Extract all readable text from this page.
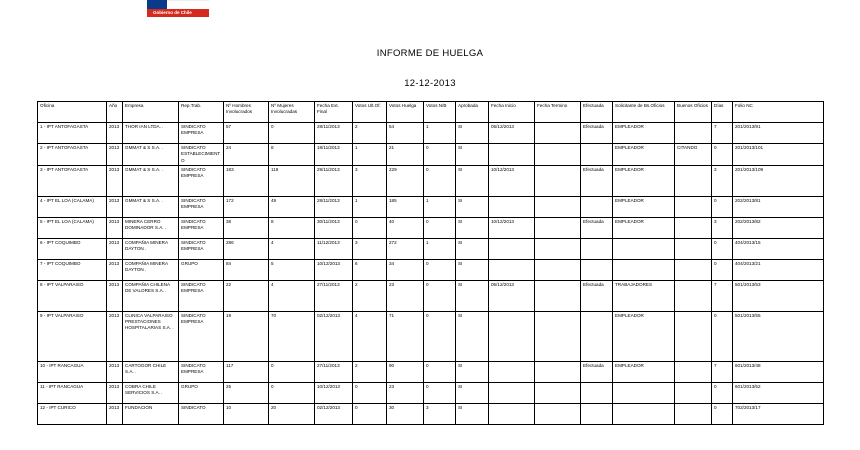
Gobierno de Chile
INFORME DE HUELGA
12-12-2013
Oficina	Año	Empresa	Rep.Trab.	Nº Hombres Involucrados	Nº Mujeres Involucradas	Fecha Ext. Final	Votos Ult.Of.	Votos Huelga	Votos N/B	Aprobada	Fecha Inicio	Fecha Termino	Efectuada	Solicitante de Bs.Oficios	Buenos Oficios	Días	Folio NC
1 - IPT ANTOFAGASTA	2013	THOR IAN LTDA. .	SINDICATO EMPRESA	57	0	28/11/2013	2	54	1	SI	05/12/2013		Efectuada	EMPLEADOR		7	201/2013/91
2 - IPT ANTOFAGASTA	2013	GMMAT & S S.A. .	SINDICATO ESTABLECIMIENTO	24	8	18/11/2013	1	21	0	SI				EMPLEADOR	CITANDO	0	201/2013/101
3 - IPT ANTOFAGASTA	2013	GMMAT & S S.A. .	SINDICATO EMPRESA	183	118	29/11/2013	3	229	0	SI	10/12/2013		Efectuada	EMPLEADOR		3	201/2013/109
4 - IPT EL LOA (CALAMA)	2013	GMMAT & S S.A. .	SINDICATO EMPRESA	172	49	28/11/2013	1	185	1	SI				EMPLEADOR		0	202/2013/81
5 - IPT EL LOA (CALAMA)	2013	MINERA CERRO DOMINADOR S.A. .	SINDICATO EMPRESA	38	8	30/11/2013	0	40	0	SI	10/12/2013		Efectuada	EMPLEADOR		3	202/2013/82
6 - IPT COQUIMBO	2013	COMPAÑIA MINERA DAYTON .	SINDICATO EMPRESA	286	4	11/12/2013	3	272	1	SI						0	404/2013/15
7 - IPT COQUIMBO	2013	COMPAÑIA MINERA DAYTON .	GRUPO	84	5	10/12/2013	6	34	0	SI						0	404/2013/21
8 - IPT VALPARAISO	2013	COMPAÑIA CHILENA DE VALORES S.A. .	SINDICATO EMPRESA	22	4	27/11/2013	2	23	0	SI	05/12/2013		Efectuada	TRABAJADORES		7	501/2013/53
9 - IPT VALPARAISO	2013	CLINICA VALPARAISO PRESTACIONES HOSPITALARIAS S.A. .	SINDICATO EMPRESA	19	70	02/12/2013	4	71	0	SI				EMPLEADOR		0	501/2013/55
10 - IPT RANCAGUA	2013	CARTOGOR CHILE S.A. .	SINDICATO EMPRESA	117	0	27/11/2013	2	90	0	SI			Efectuada	EMPLEADOR		7	601/2013/48
11 - IPT RANCAGUA	2013	COBRA CHILE SERVICIOS S.A. .	GRUPO	25	0	10/12/2013	0	23	0	SI						0	601/2013/52
12 - IPT CURICO	2013	FUNDACION	SINDICATO	10	20	02/12/2013	0	30	3	SI						0	702/2013/17
